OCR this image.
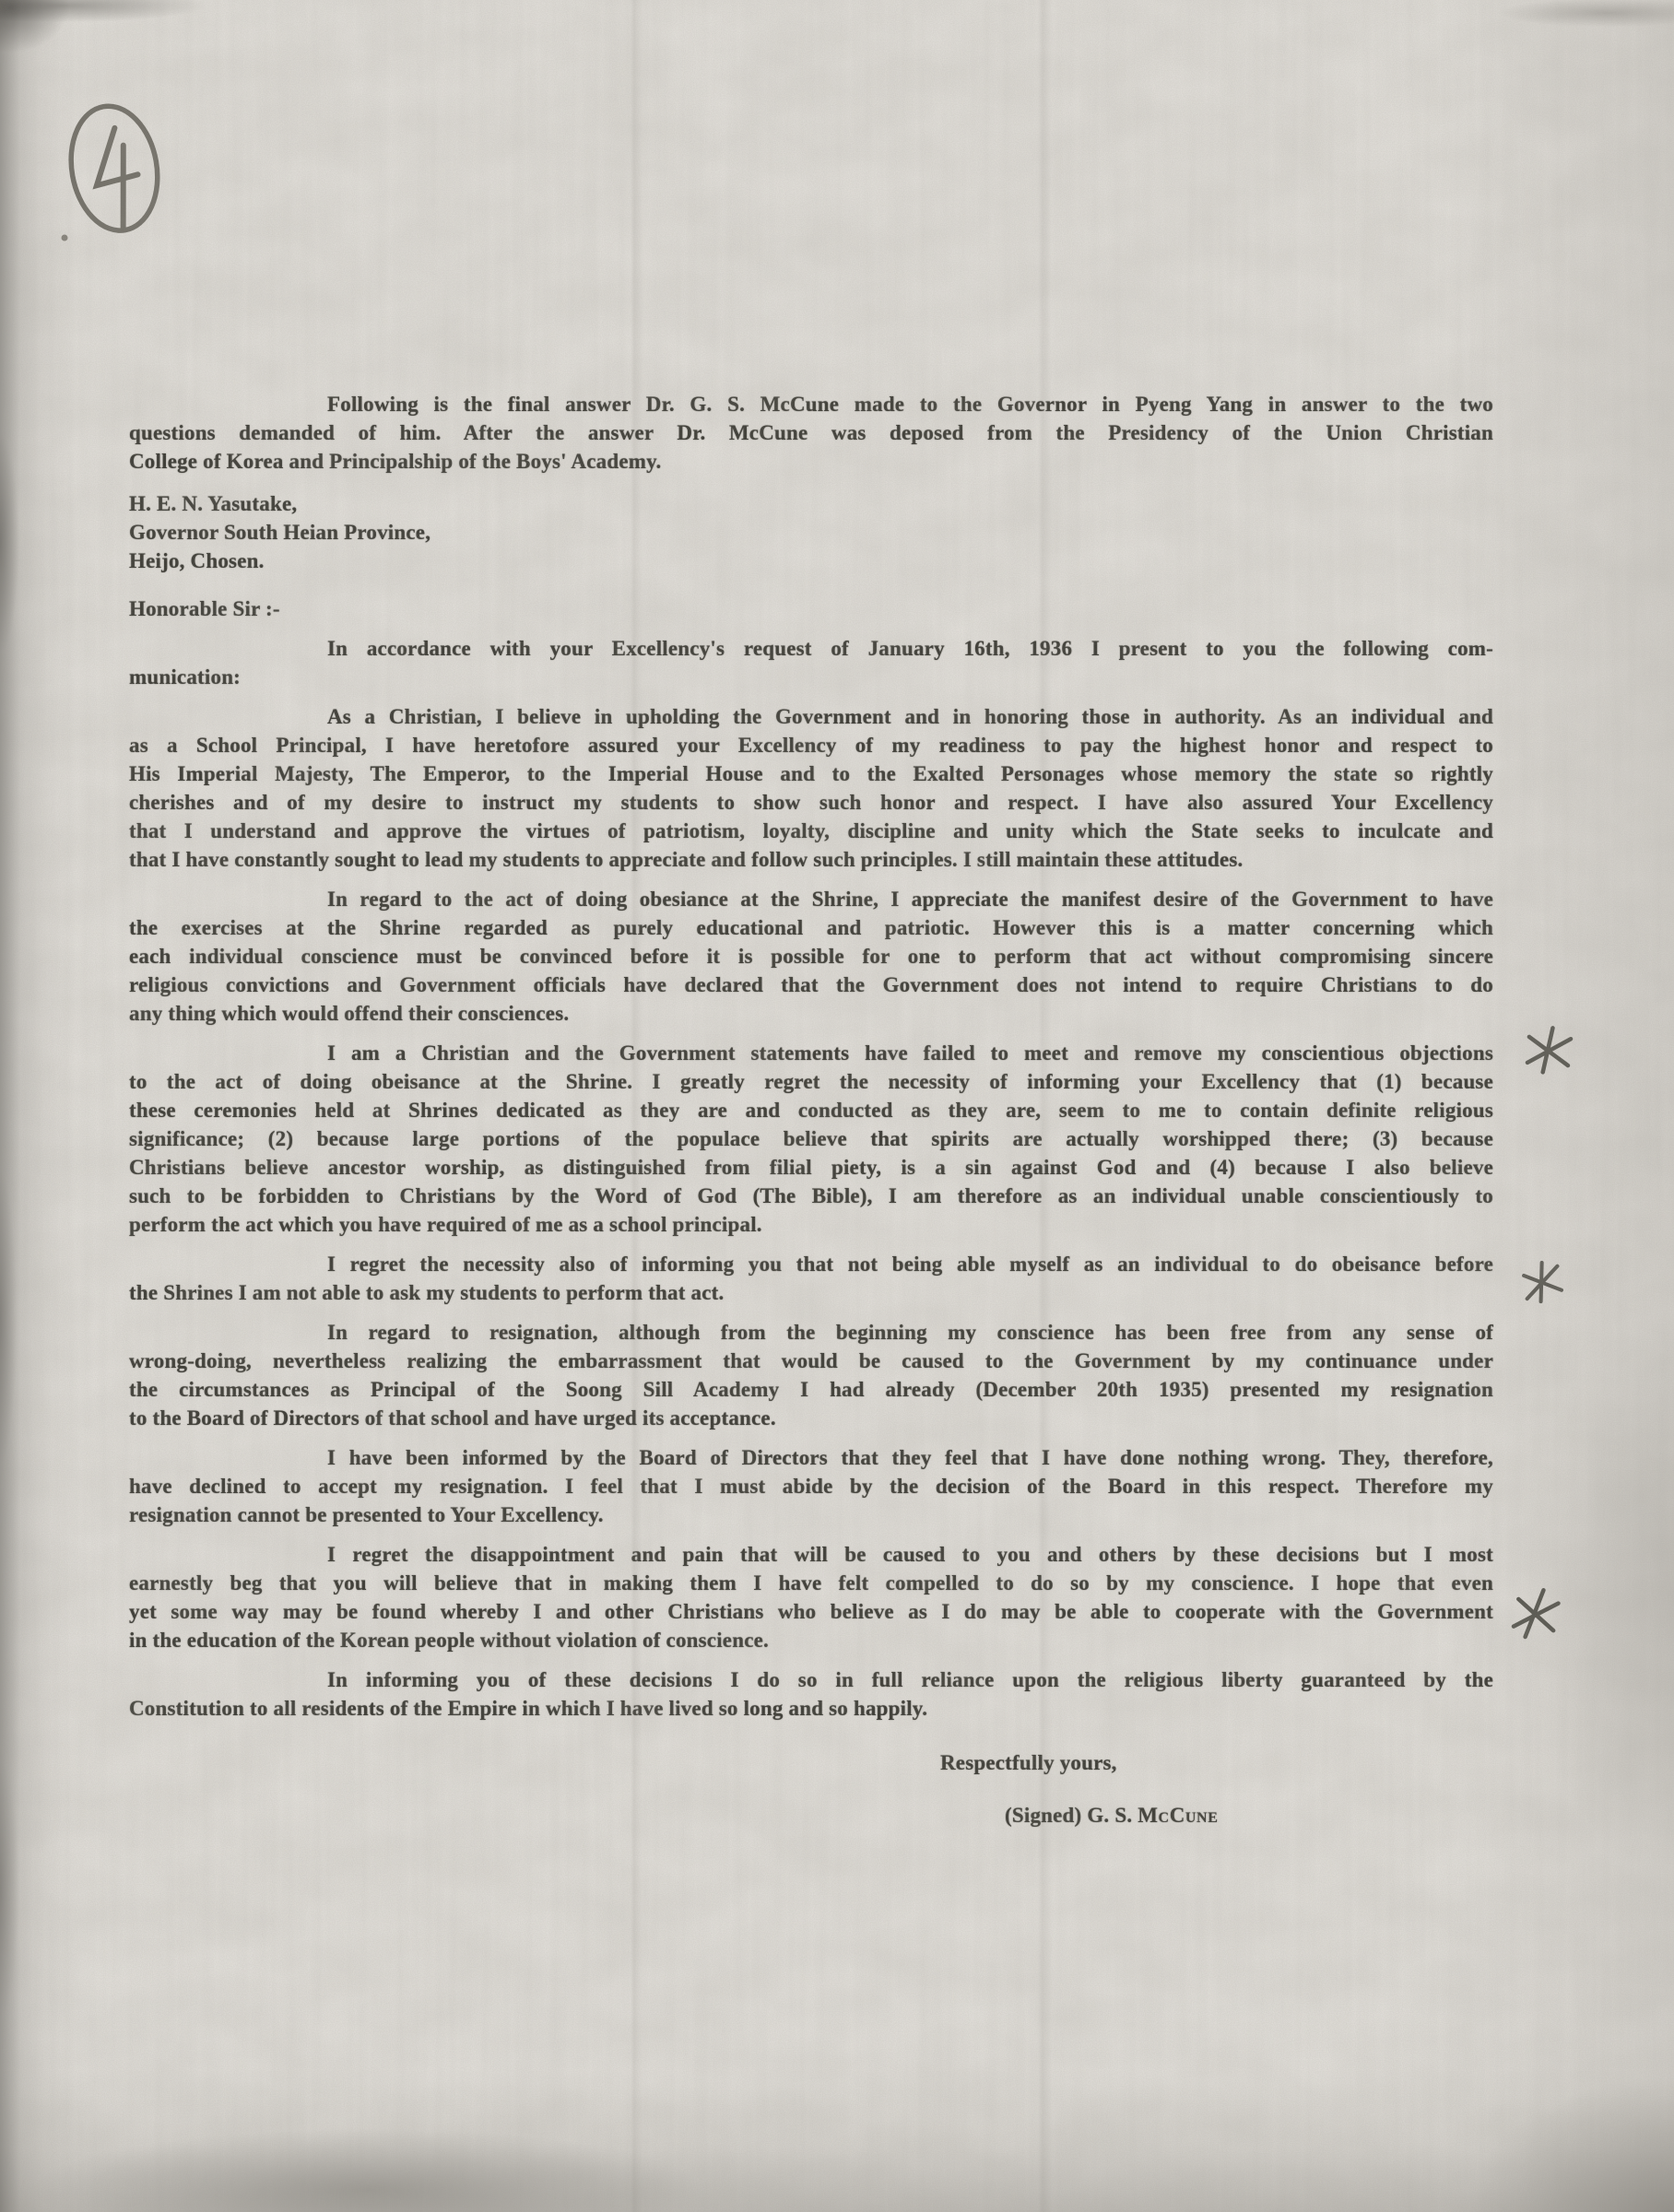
Following is the final answer Dr. G. S. McCune made to the Governor in Pyeng Yang in answer to the two
questions demanded of him. After the answer Dr. McCune was deposed from the Presidency of the Union Christian
College of Korea and Principalship of the Boys' Academy.
H. E. N. Yasutake,
Governor South Heian Province,
Heijo, Chosen.
Honorable Sir :-
In accordance with your Excellency's request of January 16th, 1936 I present to you the following com-
munication:
As a Christian, I believe in upholding the Government and in honoring those in authority. As an individual and
as a School Principal, I have heretofore assured your Excellency of my readiness to pay the highest honor and respect to
His Imperial Majesty, The Emperor, to the Imperial House and to the Exalted Personages whose memory the state so rightly
cherishes and of my desire to instruct my students to show such honor and respect. I have also assured Your Excellency
that I understand and approve the virtues of patriotism, loyalty, discipline and unity which the State seeks to inculcate and
that I have constantly sought to lead my students to appreciate and follow such principles. I still maintain these attitudes.
In regard to the act of doing obesiance at the Shrine, I appreciate the manifest desire of the Government to have
the exercises at the Shrine regarded as purely educational and patriotic. However this is a matter concerning which
each individual conscience must be convinced before it is possible for one to perform that act without compromising sincere
religious convictions and Government officials have declared that the Government does not intend to require Christians to do
any thing which would offend their consciences.
I am a Christian and the Government statements have failed to meet and remove my conscientious objections
to the act of doing obeisance at the Shrine. I greatly regret the necessity of informing your Excellency that (1) because
these ceremonies held at Shrines dedicated as they are and conducted as they are, seem to me to contain definite religious
significance; (2) because large portions of the populace believe that spirits are actually worshipped there; (3) because
Christians believe ancestor worship, as distinguished from filial piety, is a sin against God and (4) because I also believe
such to be forbidden to Christians by the Word of God (The Bible), I am therefore as an individual unable conscientiously to
perform the act which you have required of me as a school principal.
I regret the necessity also of informing you that not being able myself as an individual to do obeisance before
the Shrines I am not able to ask my students to perform that act.
In regard to resignation, although from the beginning my conscience has been free from any sense of
wrong-doing, nevertheless realizing the embarrassment that would be caused to the Government by my continuance under
the circumstances as Principal of the Soong Sill Academy I had already (December 20th 1935) presented my resignation
to the Board of Directors of that school and have urged its acceptance.
I have been informed by the Board of Directors that they feel that I have done nothing wrong. They, therefore,
have declined to accept my resignation. I feel that I must abide by the decision of the Board in this respect. Therefore my
resignation cannot be presented to Your Excellency.
I regret the disappointment and pain that will be caused to you and others by these decisions but I most
earnestly beg that you will believe that in making them I have felt compelled to do so by my conscience. I hope that even
yet some way may be found whereby I and other Christians who believe as I do may be able to cooperate with the Government
in the education of the Korean people without violation of conscience.
In informing you of these decisions I do so in full reliance upon the religious liberty guaranteed by the
Constitution to all residents of the Empire in which I have lived so long and so happily.
Respectfully yours,
(Signed) G. S. McCune
